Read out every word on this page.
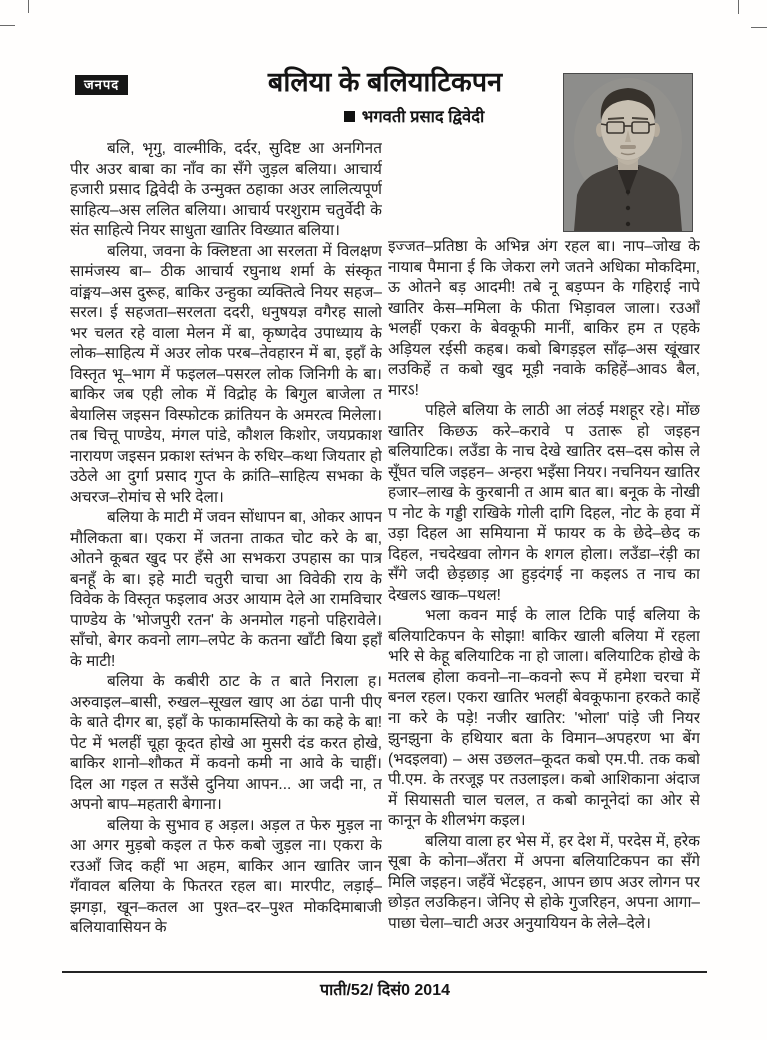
जनपद	बलिया के बलियाटिकपन
भगवती प्रसाद द्विवेदी

बलि, भृगु, वाल्मीकि, दर्दर, सुदिष्ट आ अनगिनत पीर अउर बाबा का नाँव का सँगे जुड़ल बलिया। आचार्य हजारी प्रसाद द्विवेदी के उन्मुक्त ठहाका अउर लालित्यपूर्ण साहित्य–अस ललित बलिया। आचार्य परशुराम चतुर्वेदी के संत साहित्ये नियर साधुता खातिर विख्यात बलिया।

बलिया, जवना के क्लिष्टता आ सरलता में विलक्षण सामंजस्य बा– ठीक आचार्य रघुनाथ शर्मा के संस्कृत वांङ्मय–अस दुरूह, बाकिर उन्हुका व्यक्तित्वे नियर सहज–सरल। ई सहजता–सरलता ददरी, धनुषयज्ञ वगैरह सालो भर चलत रहे वाला मेलन में बा, कृष्णदेव उपाध्याय के लोक–साहित्य में अउर लोक परब–तेवहारन में बा, इहाँ के विस्तृत भू–भाग में फइलल–पसरल लोक जिनिगी के बा। बाकिर जब एही लोक में विद्रोह के बिगुल बाजेला त बेयालिस जइसन विस्फोटक क्रांतियन के अमरत्व मिलेला। तब चित्तू पाण्डेय, मंगल पांडे, कौशल किशोर, जयप्रकाश नारायण जइसन प्रकाश स्तंभन के रुधिर–कथा जियतार हो उठेले आ दुर्गा प्रसाद गुप्त के क्रांति–साहित्य सभका के अचरज–रोमांच से भरि देला।

बलिया के माटी में जवन सोंधापन बा, ओकर आपन मौलिकता बा। एकरा में जतना ताकत चोट करे के बा, ओतने कूबत खुद पर हँसे आ सभकरा उपहास का पात्र बनहूँ के बा। इहे माटी चतुरी चाचा आ विवेकी राय के विवेक के विस्तृत फइलाव अउर आयाम देले आ रामविचार पाण्डेय के 'भोजपुरी रतन' के अनमोल गहनो पहिरावेले। साँचो, बेगर कवनो लाग–लपेट के कतना खाँटी बिया इहाँ के माटी!

बलिया के कबीरी ठाट के त बाते निराला ह। अरुवाइल–बासी, रुखल–सूखल खाए आ ठंढा पानी पीए के बाते दीगर बा, इहाँ के फाकामस्तियो के का कहे के बा! पेट में भलहीं चूहा कूदत होखे आ मुसरी दंड करत होखे, बाकिर शानो–शौकत में कवनो कमी ना आवे के चाहीं। दिल आ गइल त सउँसे दुनिया आपन... आ जदी ना, त अपनो बाप–महतारी बेगाना।

बलिया के सुभाव ह अड़ल। अड़ल त फेरु मुड़ल ना आ अगर मुड़बो कइल त फेरु कबो जुड़ल ना। एकरा के रउआँ जिद कहीं भा अहम, बाकिर आन खातिर जान गँवावल बलिया के फितरत रहल बा। मारपीट, लड़ाई–झगड़ा, खून–कतल आ पुश्त–दर–पुश्त मोकदिमाबाजी बलियावासियन के

इज्जत–प्रतिष्ठा के अभिन्न अंग रहल बा। नाप–जोख के नायाब पैमाना ई कि जेकरा लगे जतने अधिका मोकदिमा, ऊ ओतने बड़ आदमी! तबे नू बड़प्पन के गहिराई नापे खातिर केस–ममिला के फीता भिड़ावल जाला। रउआँ भलहीं एकरा के बेवकूफी मानीं, बाकिर हम त एहके अड़ियल रईसी कहब। कबो बिगड़इल साँढ़–अस खूंखार लउकिहें त कबो खुद मूड़ी नवाके कहिहें–आवऽ बैल, मारऽ!

पहिले बलिया के लाठी आ लंठई मशहूर रहे। मोंछ खातिर किछऊ करे–करावे प उतारू हो जइहन बलियाटिक। लउँडा के नाच देखे खातिर दस–दस कोस ले सूँघत चलि जइहन– अन्हरा भइँसा नियर। नचनियन खातिर हजार–लाख के कुरबानी त आम बात बा। बनूक के नोखी प नोट के गड्डी राखिके गोली दागि दिहल, नोट के हवा में उड़ा दिहल आ समियाना में फायर क के छेदे–छेद क दिहल, नचदेखवा लोगन के शगल होला। लउँडा–रंड़ी का सँगे जदी छेड़छाड़ आ हुड़दंगई ना कइलऽ त नाच का देखलऽ खाक–पथल!

भला कवन माई के लाल टिकि पाई बलिया के बलियाटिकपन के सोझा! बाकिर खाली बलिया में रहला भरि से केहू बलियाटिक ना हो जाला। बलियाटिक होखे के मतलब होला कवनो–ना–कवनो रूप में हमेशा चरचा में बनल रहल। एकरा खातिर भलहीं बेवकूफाना हरकते काहें ना करे के पड़े! नजीर खातिर: 'भोला' पांड़े जी नियर झुनझुना के हथियार बता के विमान–अपहरण भा बेंग (भदइलवा) – अस उछलत–कूदत कबो एम.पी. तक कबो पी.एम. के तरजूइ पर तउलाइल। कबो आशिकाना अंदाज में सियासती चाल चलल, त कबो कानूनेदां का ओर से कानून के शीलभंग कइल।

बलिया वाला हर भेस में, हर देश में, परदेस में, हरेक सूबा के कोना–अँतरा में अपना बलियाटिकपन का सँगे मिलि जइहन। जहँवें भेंटइहन, आपन छाप अउर लोगन पर छोड़त लउकिहन। जेनिए से होके गुजरिहन, अपना आगा–पाछा चेला–चाटी अउर अनुयायियन के लेले–देले।

पाती/52/ दिसं0 2014
